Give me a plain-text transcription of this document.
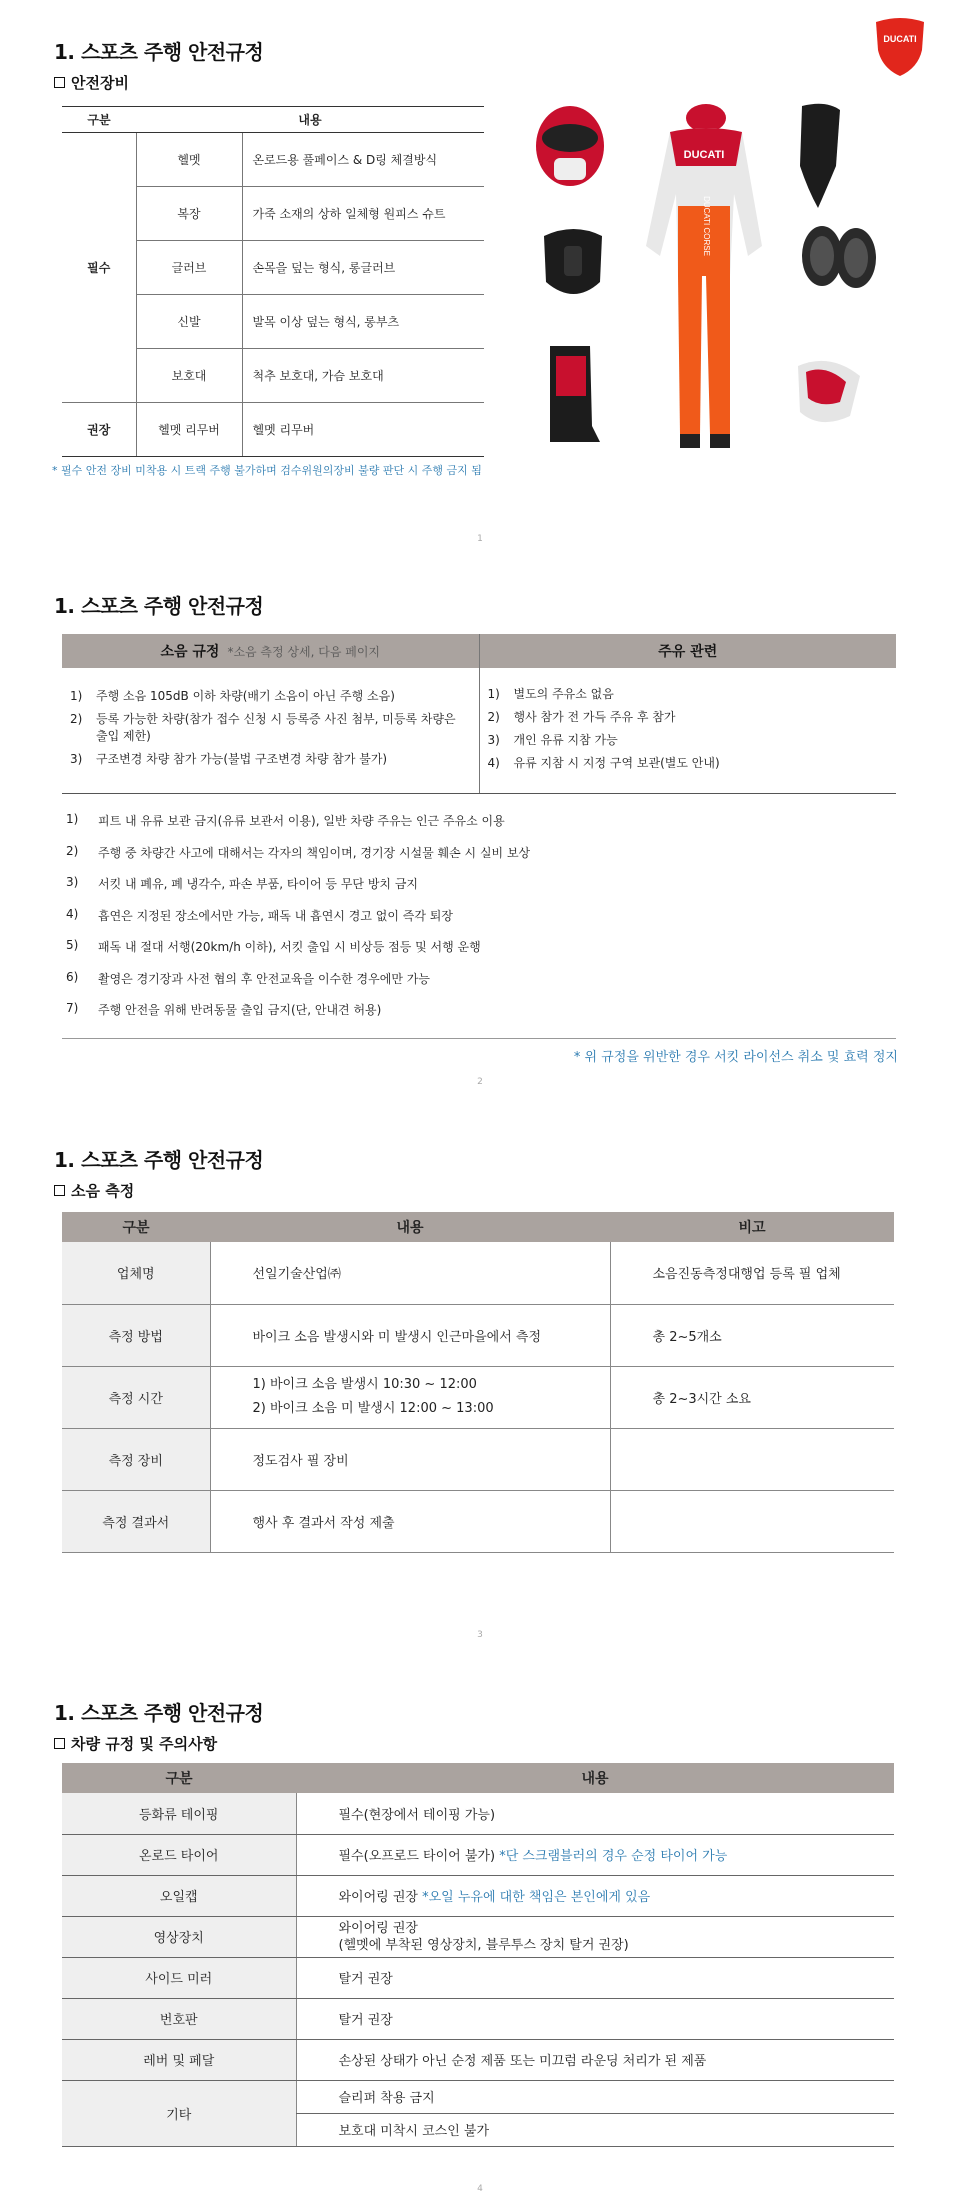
DUCATI
1. 스포츠 주행 안전규정
안전장비
구분	내용	
필수	헬멧	온로드용 풀페이스 & D링 체결방식
	복장	가죽 소재의 상하 일체형 원피스 슈트
	글러브	손목을 덮는 형식, 롱글러브
	신발	발목 이상 덮는 형식, 롱부츠
	보호대	척추 보호대, 가슴 보호대
권장	헬멧 리무버	헬멧 리무버
* 필수 안전 장비 미착용 시 트랙 주행 불가하며 검수위원의장비 불량 판단 시 주행 금지 됨
DUCATI
DUCATI CORSE
1
1. 스포츠 주행 안전규정
소음 규정 *소음 측정 상세, 다음 페이지	주유 관련
1)	주행 소음 105dB 이하 차량(배기 소음이 아닌 주행 소음)
2)	등록 가능한 차량(참가 접수 신청 시 등록증 사진 첨부, 미등록 차량은 출입 제한)
3)	구조변경 차량 참가 가능(불법 구조변경 차량 참가 불가)
1)	별도의 주유소 없음
2)	행사 참가 전 가득 주유 후 참가
3)	개인 유류 지참 가능
4)	유류 지참 시 지정 구역 보관(별도 안내)
1)	피트 내 유류 보관 금지(유류 보관서 이용), 일반 차량 주유는 인근 주유소 이용
2)	주행 중 차량간 사고에 대해서는 각자의 책임이며, 경기장 시설물 훼손 시 실비 보상
3)	서킷 내 폐유, 폐 냉각수, 파손 부품, 타이어 등 무단 방치 금지
4)	흡연은 지정된 장소에서만 가능, 패독 내 흡연시 경고 없이 즉각 퇴장
5)	패독 내 절대 서행(20km/h 이하), 서킷 출입 시 비상등 점등 및 서행 운행
6)	촬영은 경기장과 사전 협의 후 안전교육을 이수한 경우에만 가능
7)	주행 안전을 위해 반려동물 출입 금지(단, 안내견 허용)
* 위 규정을 위반한 경우 서킷 라이선스 취소 및 효력 정지
2
1. 스포츠 주행 안전규정
소음 측정
구분	내용	비고
업체명	선일기술산업㈜	소음진동측정대행업 등록 필 업체
측정 방법	바이크 소음 발생시와 미 발생시 인근마을에서 측정	총 2~5개소
측정 시간	1) 바이크 소음 발생시 10:30 ~ 12:00
2) 바이크 소음 미 발생시 12:00 ~ 13:00	총 2~3시간 소요
측정 장비	정도검사 필 장비	
측정 결과서	행사 후 결과서 작성 제출	
3
1. 스포츠 주행 안전규정
차량 규정 및 주의사항
구분	내용
등화류 테이핑	필수(현장에서 테이핑 가능)
온로드 타이어	필수(오프로드 타이어 불가) *단 스크램블러의 경우 순정 타이어 가능
오일캡	와이어링 권장 *오일 누유에 대한 책임은 본인에게 있음
영상장치	와이어링 권장
(헬멧에 부착된 영상장치, 블루투스 장치 탈거 권장)

사이드 미러	탈거 권장
번호판	탈거 권장
레버 및 페달	손상된 상태가 아닌 순정 제품 또는 미끄럼 라운딩 처리가 된 제품
기타	슬리퍼 착용 금지
	보호대 미착시 코스인 불가
4
